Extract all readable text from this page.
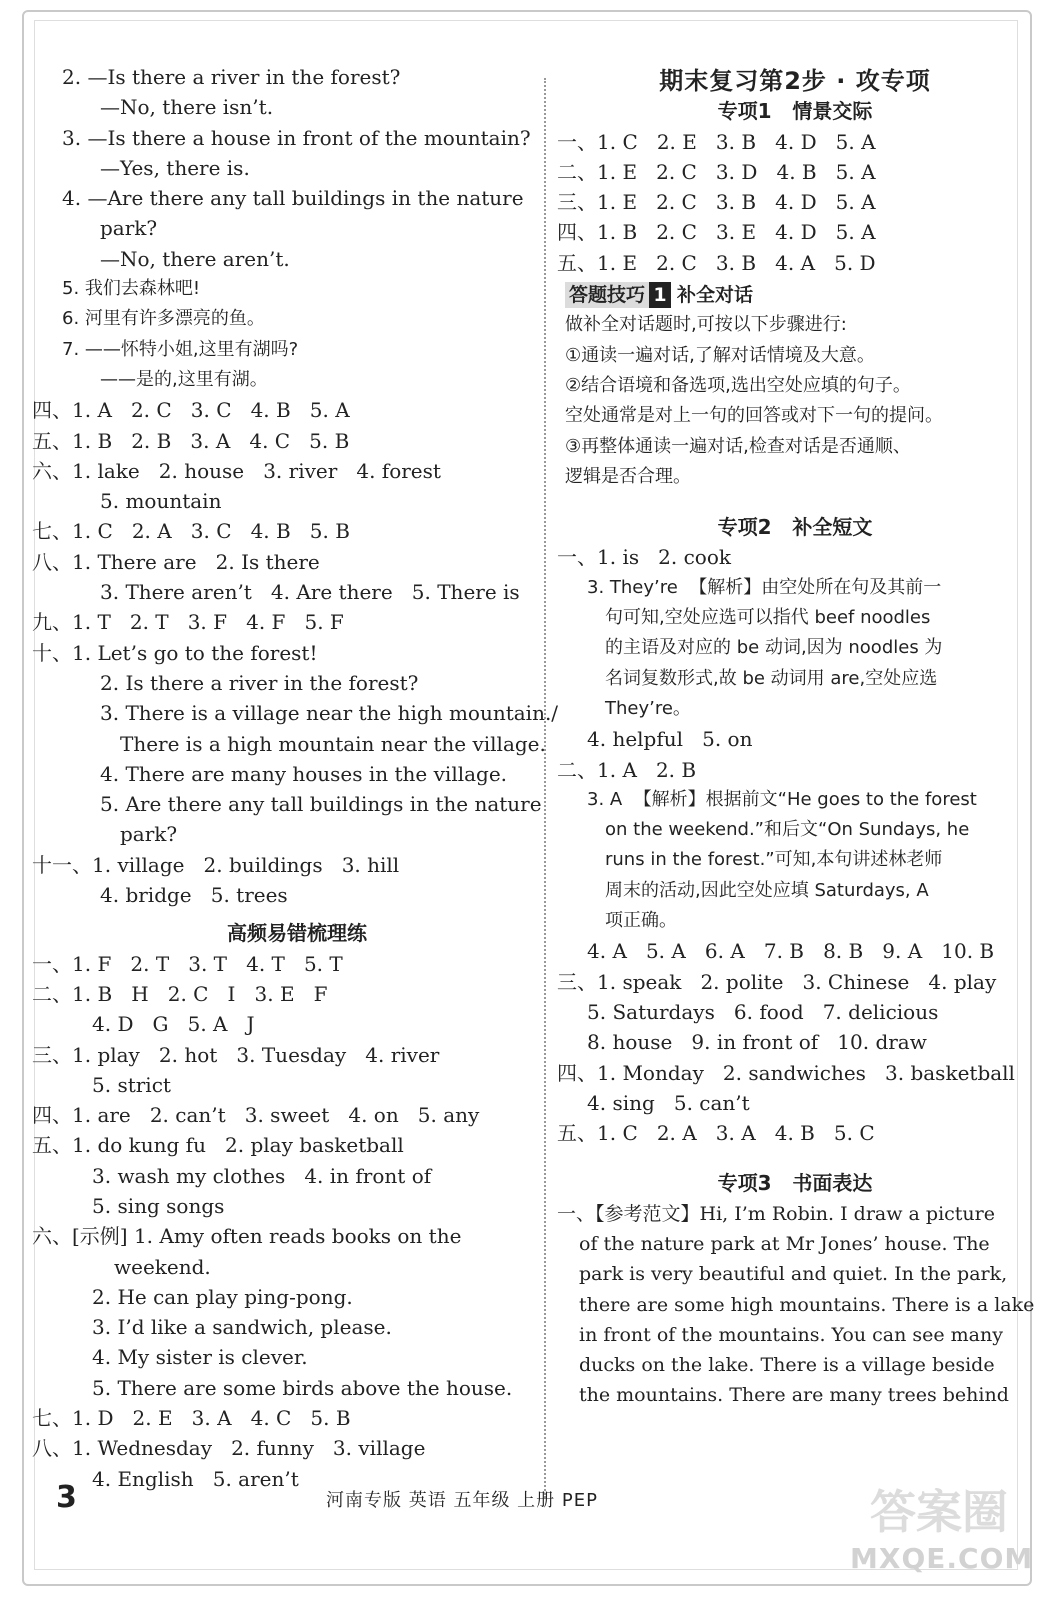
2. —Is there a river in the forest?
—No, there isn’t.
3. —Is there a house in front of the mountain?
—Yes, there is.
4. —Are there any tall buildings in the nature
park?
—No, there aren’t.
5. 我们去森林吧!
6. 河里有许多漂亮的鱼。
7. ——怀特小姐,这里有湖吗?
——是的,这里有湖。
四、1. A   2. C   3. C   4. B   5. A
五、1. B   2. B   3. A   4. C   5. B
六、1. lake   2. house   3. river   4. forest
5. mountain
七、1. C   2. A   3. C   4. B   5. B
八、1. There are   2. Is there
3. There aren’t   4. Are there   5. There is
九、1. T   2. T   3. F   4. F   5. F
十、1. Let’s go to the forest!
2. Is there a river in the forest?
3. There is a village near the high mountain./
There is a high mountain near the village.
4. There are many houses in the village.
5. Are there any tall buildings in the nature
park?
十一、1. village   2. buildings   3. hill
4. bridge   5. trees
高频易错梳理练
一、1. F   2. T   3. T   4. T   5. T
二、1. B   H   2. C   I   3. E   F
4. D   G   5. A   J
三、1. play   2. hot   3. Tuesday   4. river
5. strict
四、1. are   2. can’t   3. sweet   4. on   5. any
五、1. do kung fu   2. play basketball
3. wash my clothes   4. in front of
5. sing songs
六、[示例] 1. Amy often reads books on the
weekend.
2. He can play ping-pong.
3. I’d like a sandwich, please.
4. My sister is clever.
5. There are some birds above the house.
七、1. D   2. E   3. A   4. C   5. B
八、1. Wednesday   2. funny   3. village
4. English   5. aren’t
期末复习第2步 · 攻专项
专项1   情景交际
一、1. C   2. E   3. B   4. D   5. A
二、1. E   2. C   3. D   4. B   5. A
三、1. E   2. C   3. B   4. D   5. A
四、1. B   2. C   3. E   4. D   5. A
五、1. E   2. C   3. B   4. A   5. D
答题技巧 1 补全对话
做补全对话题时,可按以下步骤进行:
①通读一遍对话,了解对话情境及大意。
②结合语境和备选项,选出空处应填的句子。
空处通常是对上一句的回答或对下一句的提问。
③再整体通读一遍对话,检查对话是否通顺、
逻辑是否合理。
专项2   补全短文
一、1. is   2. cook
3. They’re  【解析】由空处所在句及其前一
句可知,空处应选可以指代 beef noodles
的主语及对应的 be 动词,因为 noodles 为
名词复数形式,故 be 动词用 are,空处应选
They’re。
4. helpful   5. on
二、1. A   2. B
3. A  【解析】根据前文“He goes to the forest
on the weekend.”和后文“On Sundays, he
runs in the forest.”可知,本句讲述林老师
周末的活动,因此空处应填 Saturdays, A
项正确。
4. A   5. A   6. A   7. B   8. B   9. A   10. B
三、1. speak   2. polite   3. Chinese   4. play
5. Saturdays   6. food   7. delicious
8. house   9. in front of   10. draw
四、1. Monday   2. sandwiches   3. basketball
4. sing   5. can’t
五、1. C   2. A   3. A   4. B   5. C
专项3   书面表达
一、【参考范文】Hi, I’m Robin. I draw a picture
of the nature park at Mr Jones’ house. The
park is very beautiful and quiet. In the park,
there are some high mountains. There is a lake
in front of the mountains. You can see many
ducks on the lake. There is a village beside
the mountains. There are many trees behind
3	河南专版 英语 五年级 上册 PEP	答案圈
MXQE.COM
